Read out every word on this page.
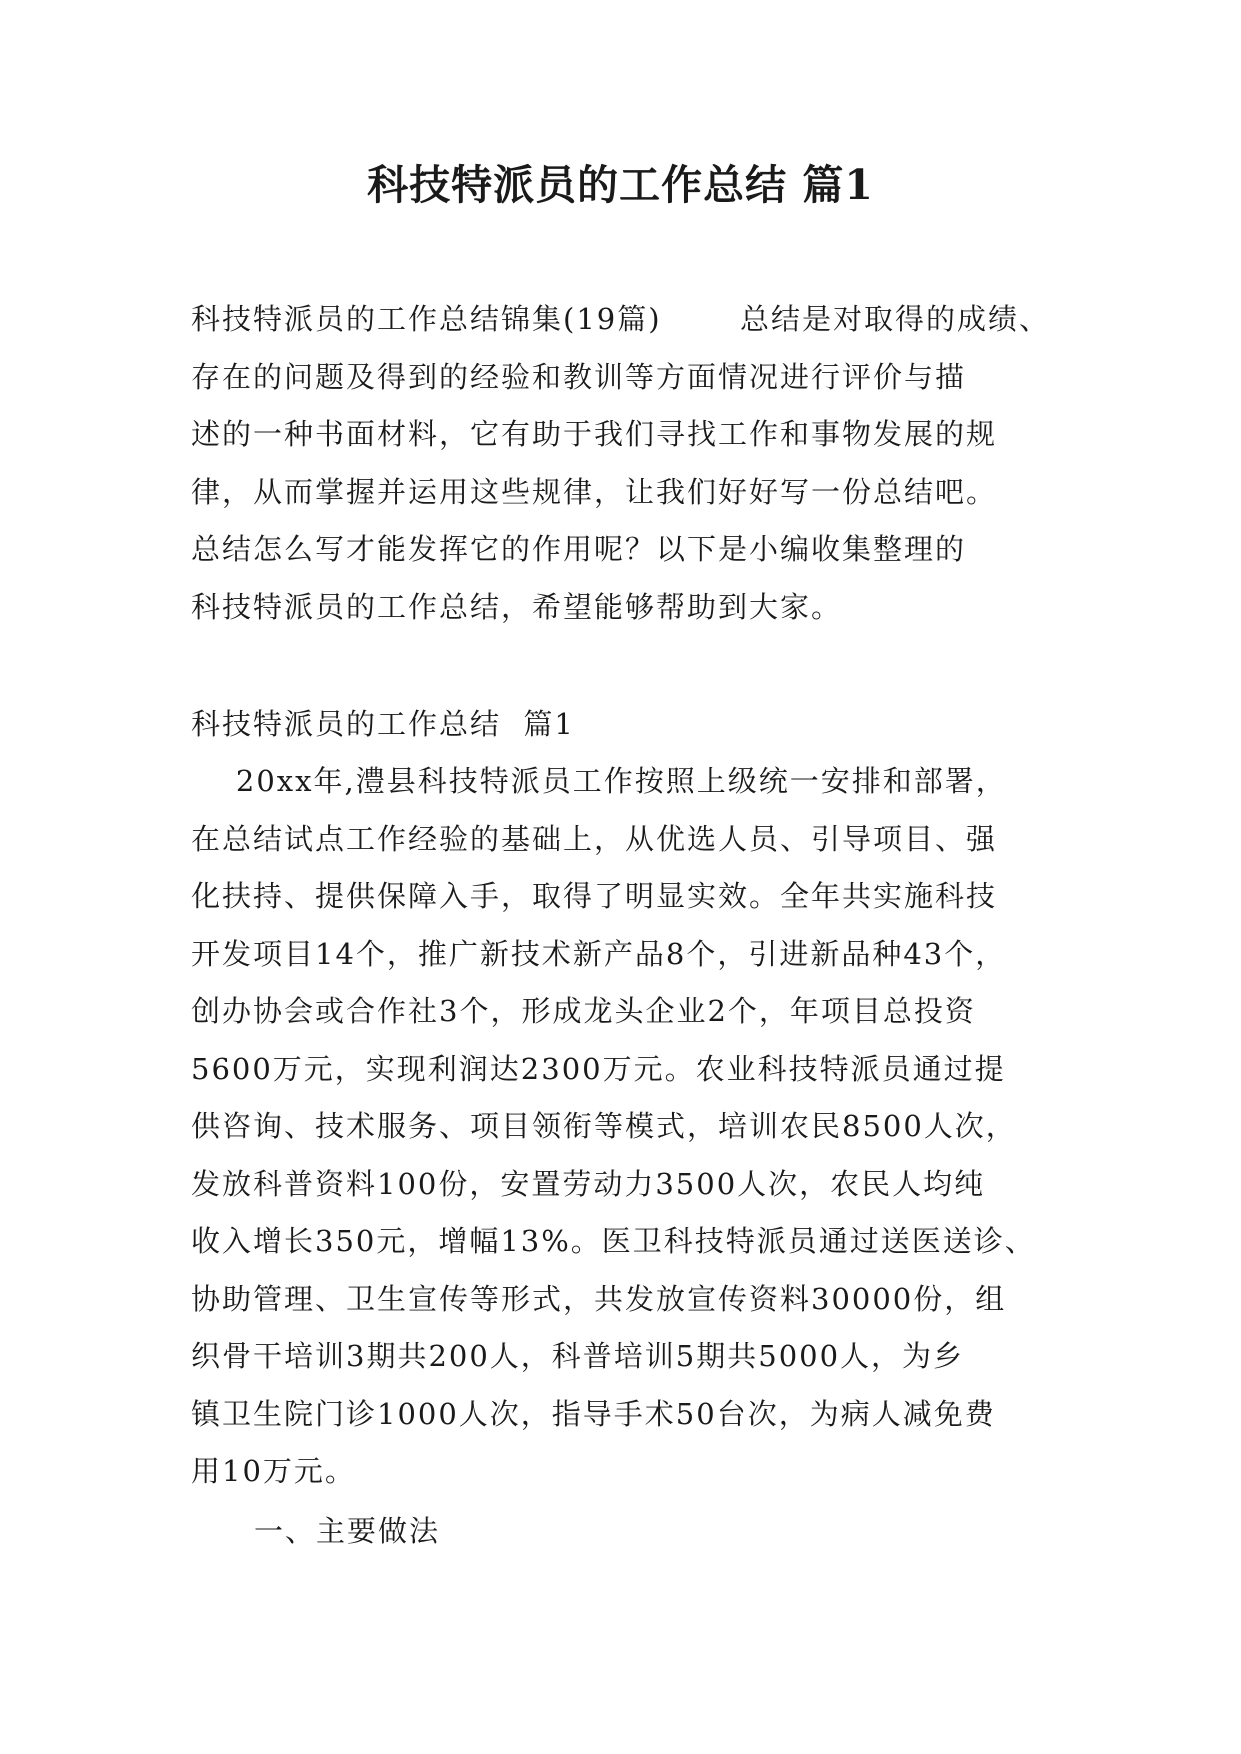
科技特派员的工作总结 篇1
科技特派员的工作总结锦集(19篇)       总结是对取得的成绩、
存在的问题及得到的经验和教训等方面情况进行评价与描
述的一种书面材料，它有助于我们寻找工作和事物发展的规
律，从而掌握并运用这些规律，让我们好好写一份总结吧。
总结怎么写才能发挥它的作用呢？以下是小编收集整理的
科技特派员的工作总结，希望能够帮助到大家。
科技特派员的工作总结  篇1
20xx年,澧县科技特派员工作按照上级统一安排和部署，
在总结试点工作经验的基础上，从优选人员、引导项目、强
化扶持、提供保障入手，取得了明显实效。全年共实施科技
开发项目14个，推广新技术新产品8个，引进新品种43个，
创办协会或合作社3个，形成龙头企业2个，年项目总投资
5600万元，实现利润达2300万元。农业科技特派员通过提
供咨询、技术服务、项目领衔等模式，培训农民8500人次，
发放科普资料100份，安置劳动力3500人次，农民人均纯
收入增长350元，增幅13%。医卫科技特派员通过送医送诊、
协助管理、卫生宣传等形式，共发放宣传资料30000份，组
织骨干培训3期共200人，科普培训5期共5000人，为乡
镇卫生院门诊1000人次，指导手术50台次，为病人减免费
用10万元。
一、主要做法
